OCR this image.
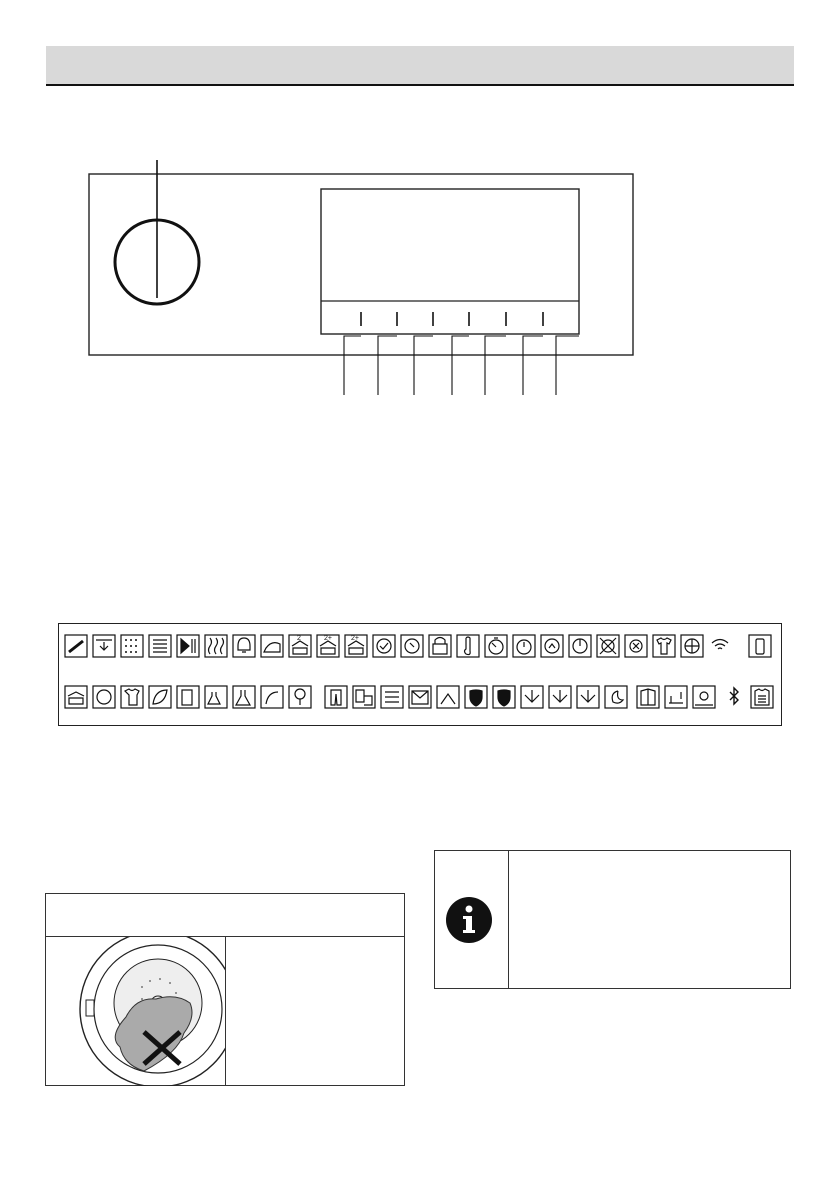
2	2+	2+
